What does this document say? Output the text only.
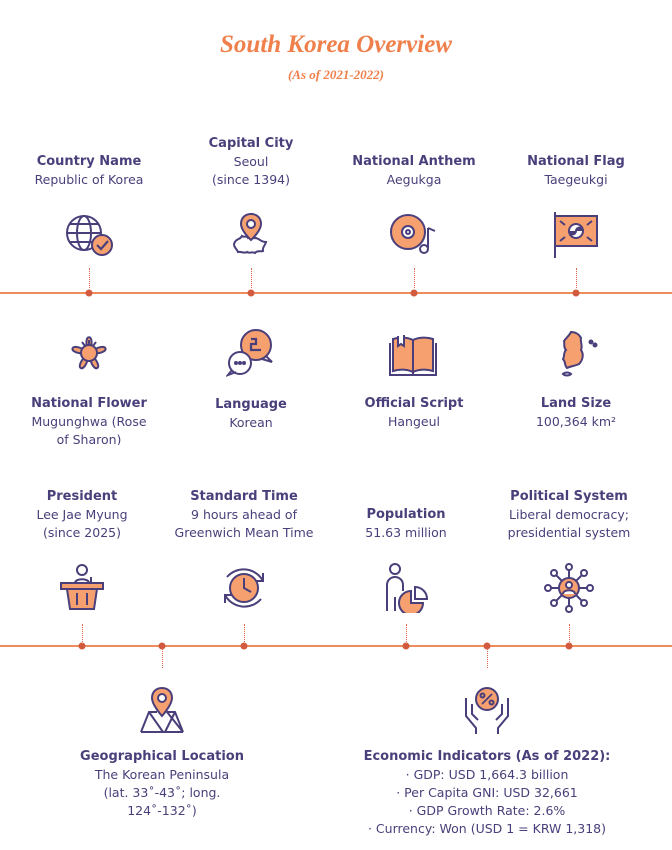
South Korea Overview
(As of 2021-2022)
Country Name
Republic of Korea
Capital City
Seoul
(since 1394)
National Anthem
Aegukga
National Flag
Taegeukgi
National Flower
Mugunghwa (Rose
of Sharon)
Language
Korean
Official Script
Hangeul
Land Size
100,364 km²
President
Lee Jae Myung
(since 2025)
Standard Time
9 hours ahead of
Greenwich Mean Time
Population
51.63 million
Political System
Liberal democracy;
presidential system
Geographical Location
The Korean Peninsula
(lat. 33˚-43˚; long. 124˚-132˚)
Economic Indicators (As of 2022):
· GDP: USD 1,664.3 billion
· Per Capita GNI: USD 32,661
· GDP Growth Rate: 2.6%
· Currency: Won (USD 1 = KRW 1,318)
